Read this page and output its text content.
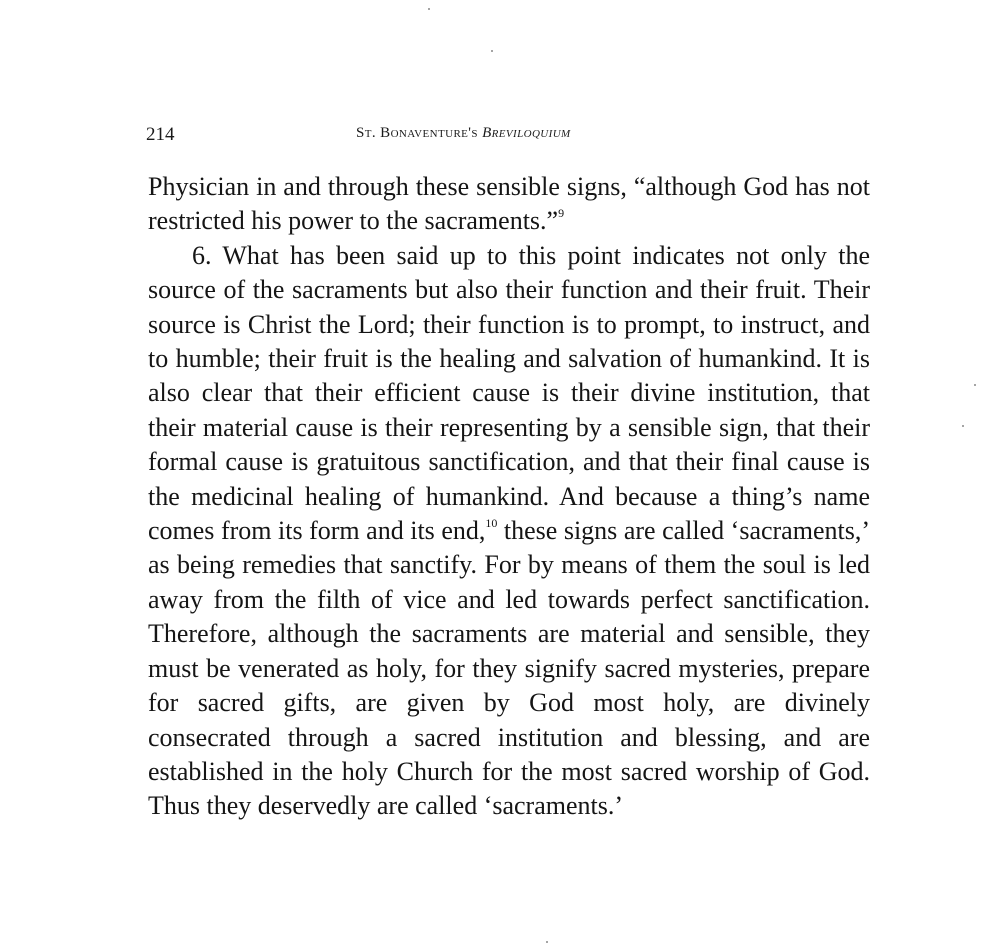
214	St. Bonaventure's Breviloquium

Physician in and through these sensible signs, “although God has not restricted his power to the sacraments.”$^9$

6. What has been said up to this point indicates not only the source of the sacraments but also their function and their fruit. Their source is Christ the Lord; their function is to prompt, to instruct, and to humble; their fruit is the healing and salvation of humankind. It is also clear that their efficient cause is their divine institution, that their material cause is their representing by a sensible sign, that their formal cause is gratuitous sanctification, and that their final cause is the medicinal healing of humankind. And because a thing’s name comes from its form and its end,$^{10}$ these signs are called ‘sacraments,’ as being remedies that sanctify. For by means of them the soul is led away from the filth of vice and led towards perfect sanctification. Therefore, although the sacraments are material and sensible, they must be venerated as holy, for they signify sacred mysteries, prepare for sacred gifts, are given by God most holy, are divinely consecrated through a sacred institution and blessing, and are established in the holy Church for the most sacred worship of God. Thus they deservedly are called ‘sacraments.’
